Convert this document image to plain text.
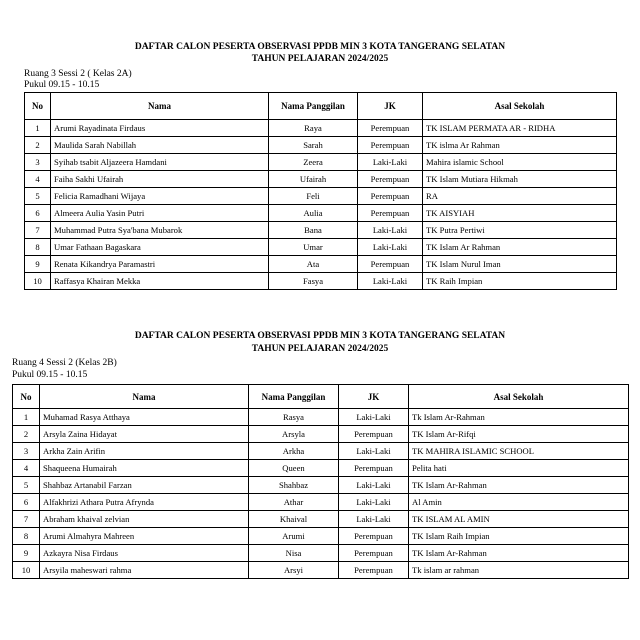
DAFTAR CALON PESERTA OBSERVASI PPDB MIN 3 KOTA TANGERANG SELATAN
TAHUN PELAJARAN 2024/2025
Ruang 3 Sessi 2 ( Kelas 2A)
Pukul 09.15 - 10.15
No	Nama	Nama Panggilan	JK	Asal Sekolah
1	Arumi Rayadinata Firdaus	Raya	Perempuan	TK ISLAM PERMATA AR - RIDHA
2	Maulida Sarah Nabillah	Sarah	Perempuan	TK islma Ar Rahman
3	Syihab tsabit Aljazeera Hamdani	Zeera	Laki-Laki	Mahira islamic School
4	Faiha Sakhi Ufairah	Ufairah	Perempuan	TK Islam Mutiara Hikmah
5	Felicia Ramadhani Wijaya	Feli	Perempuan	RA
6	Almeera Aulia Yasin Putri	Aulia	Perempuan	TK AISYIAH
7	Muhammad Putra Sya'bana Mubarok	Bana	Laki-Laki	TK Putra Pertiwi
8	Umar Fathaan Bagaskara	Umar	Laki-Laki	TK Islam Ar Rahman
9	Renata Kikandrya Paramastri	Ata	Perempuan	TK Islam Nurul Iman
10	Raffasya Khairan Mekka	Fasya	Laki-Laki	TK Raih Impian
DAFTAR CALON PESERTA OBSERVASI PPDB MIN 3 KOTA TANGERANG SELATAN
TAHUN PELAJARAN 2024/2025
Ruang 4 Sessi 2 (Kelas 2B)
Pukul 09.15 - 10.15
No	Nama	Nama Panggilan	JK	Asal Sekolah
1	Muhamad Rasya Atthaya	Rasya	Laki-Laki	Tk Islam Ar-Rahman
2	Arsyla Zaina Hidayat	Arsyla	Perempuan	TK Islam Ar-Rifqi
3	Arkha Zain Arifin	Arkha	Laki-Laki	TK MAHIRA ISLAMIC SCHOOL
4	Shaqueena Humairah	Queen	Perempuan	Pelita hati
5	Shahbaz Artanabil Farzan	Shahbaz	Laki-Laki	TK Islam Ar-Rahman
6	Alfakhrizi Athara Putra Afrynda	Athar	Laki-Laki	Al Amin
7	Abraham khaival zelvian	Khaival	Laki-Laki	TK ISLAM AL AMIN
8	Arumi Almahyra Mahreen	Arumi	Perempuan	TK Islam Raih Impian
9	Azkayra Nisa Firdaus	Nisa	Perempuan	TK Islam Ar-Rahman
10	Arsyila maheswari rahma	Arsyi	Perempuan	Tk islam ar rahman
